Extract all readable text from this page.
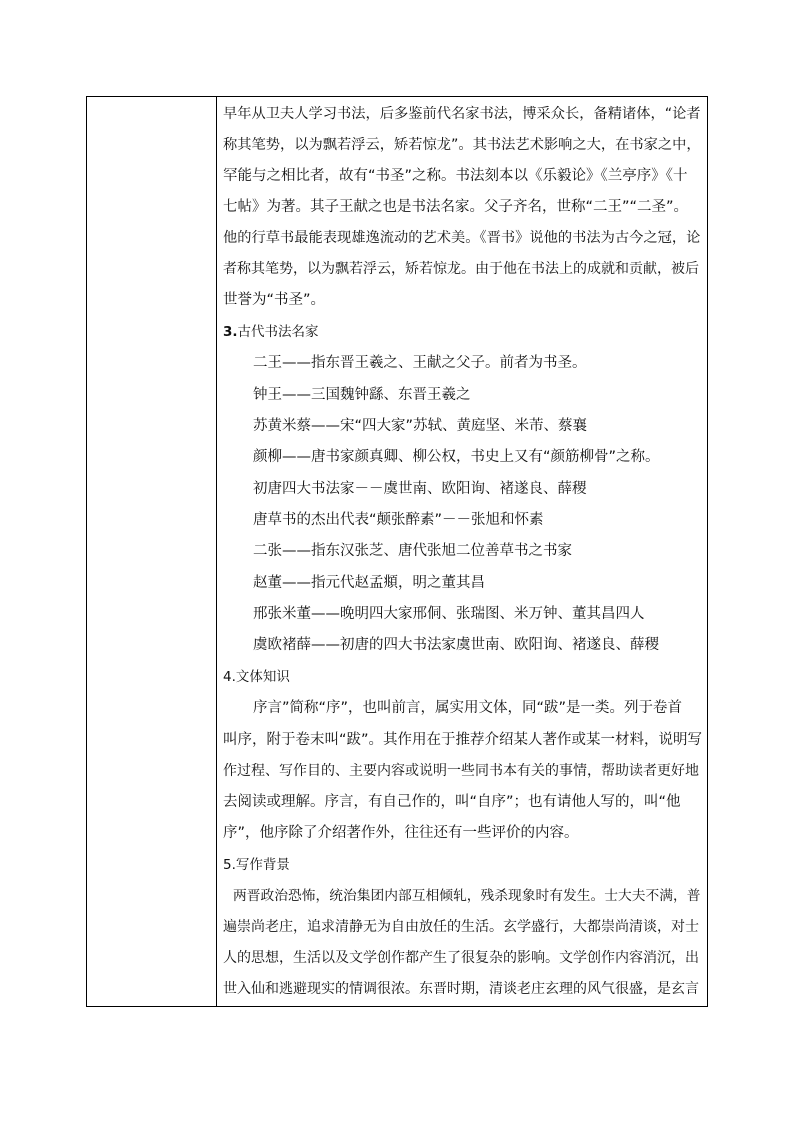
早年从卫夫人学习书法，后多鉴前代名家书法，博采众长，备精诸体，“论者
称其笔势，以为飘若浮云，矫若惊龙”。其书法艺术影响之大，在书家之中，
罕能与之相比者，故有“书圣”之称。书法刻本以《乐毅论》《兰亭序》《十
七帖》为著。其子王献之也是书法名家。父子齐名，世称“二王”“二圣”。
他的行草书最能表现雄逸流动的艺术美。《晋书》说他的书法为古今之冠，论
者称其笔势，以为飘若浮云，矫若惊龙。由于他在书法上的成就和贡献，被后
世誉为“书圣”。
3.古代书法名家
二王——指东晋王羲之、王献之父子。前者为书圣。
钟王——三国魏钟繇、东晋王羲之
苏黄米蔡——宋“四大家”苏轼、黄庭坚、米芾、蔡襄
颜柳——唐书家颜真卿、柳公权，书史上又有“颜筋柳骨”之称。
初唐四大书法家－－虞世南、欧阳询、褚遂良、薛稷
唐草书的杰出代表“颠张醉素”－－张旭和怀素
二张——指东汉张芝、唐代张旭二位善草书之书家
赵董——指元代赵孟頫，明之董其昌
邢张米董——晚明四大家邢侗、张瑞图、米万钟、董其昌四人
虞欧褚薛——初唐的四大书法家虞世南、欧阳询、褚遂良、薛稷
4.文体知识
序言”简称“序”，也叫前言，属实用文体，同“跋”是一类。列于卷首
叫序，附于卷末叫“跋”。其作用在于推荐介绍某人著作或某一材料，说明写
作过程、写作目的、主要内容或说明一些同书本有关的事情，帮助读者更好地
去阅读或理解。序言，有自己作的，叫“自序”；也有请他人写的，叫“他
序”，他序除了介绍著作外，往往还有一些评价的内容。
5.写作背景
两晋政治恐怖，统治集团内部互相倾轧，残杀现象时有发生。士大夫不满，普
遍崇尚老庄，追求清静无为自由放任的生活。玄学盛行，大都崇尚清谈，对士
人的思想，生活以及文学创作都产生了很复杂的影响。文学创作内容消沉，出
世入仙和逃避现实的情调很浓。东晋时期，清谈老庄玄理的风气很盛，是玄言
